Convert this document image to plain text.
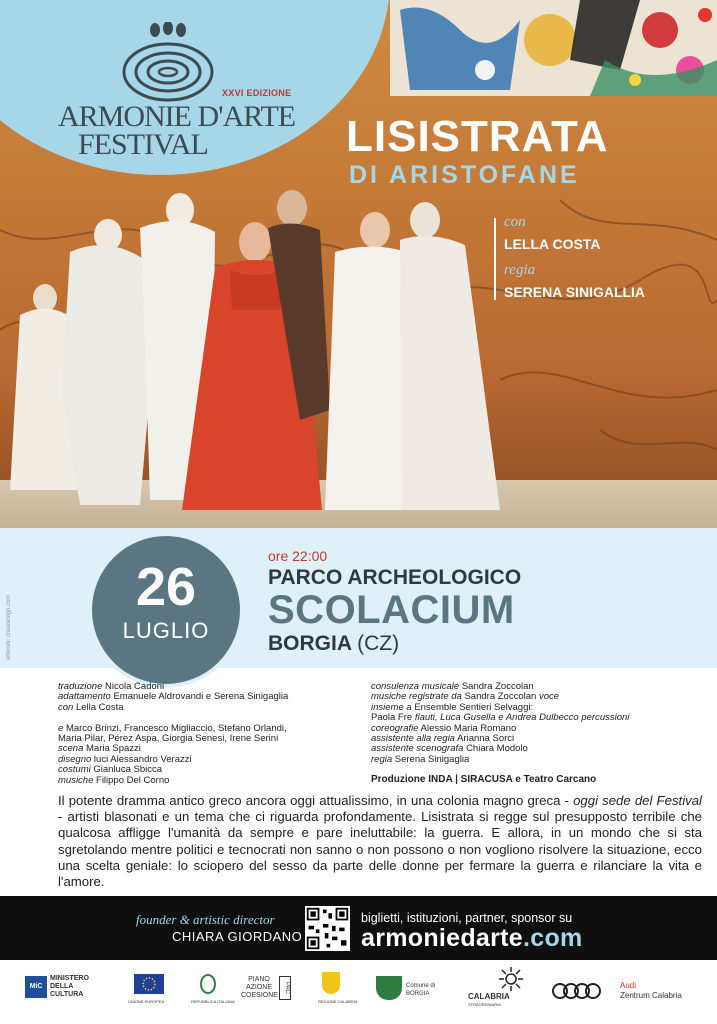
XXVI EDIZIONE
ARMONIE D'ARTE
FESTIVAL	LISISTRATA
DI ARISTOFANE
con
LELLA COSTA
regia
SERENA SINIGALLIA
26
LUGLIO
ore 22:00
PARCO ARCHEOLOGICO
SCOLACIUM
BORGIA (CZ)
artwork: creadesign.com
traduzione Nicola Cadoni
adattamento Emanuele Aldrovandi e Serena Sinigaglia
con Lella Costa
e Marco Brinzi, Francesco Migliaccio, Stefano Orlandi,
Maria Pilar, Pérez Aspa, Giorgia Senesi, Irene Serini
scena Maria Spazzi
disegno luci Alessandro Verazzi
costumi Gianluca Sbicca
musiche Filippo Del Corno
consulenza musicale Sandra Zoccolan
musiche registrate da Sandra Zoccolan voce
insieme a Ensemble Sentieri Selvaggi:
Paola Fre flauti, Luca Gusella e Andrea Dulbecco percussioni
coreografie Alessio Maria Romano
assistente alla regia Arianna Sorci
assistente scenografa Chiara Modolo
regia Serena Sinigaglia
Produzione INDA | SIRACUSA e Teatro Carcano
Il potente dramma antico greco ancora oggi attualissimo, in una colonia magno greca - oggi sede del Festival - artisti blasonati e un tema che ci riguarda profondamente. Lisistrata si regge sul presupposto terribile che qualcosa affligge l'umanità da sempre e pare ineluttabile: la guerra. E allora, in un mondo che si sta sgretolando mentre politici e tecnocrati non sanno o non possono o non vogliono risolvere la situazione, ecco una scelta geniale: lo sciopero del sesso da parte delle donne per fermare la guerra e rilanciare la vita e l'amore.
founder & artistic director
CHIARA GIORDANO
biglietti, istituzioni, partner, sponsor su
armoniedarte.com
MiC
MINISTERO DELLA CULTURA
UNIONE EUROPEA	REPUBBLICA ITALIANA
PIANO AZIONE COESIONE
PAC
REGIONE CALABRIA
Comune di BORGIA	CALABRIA
STRAORDINARIA
Audi
Zentrum Calabria
